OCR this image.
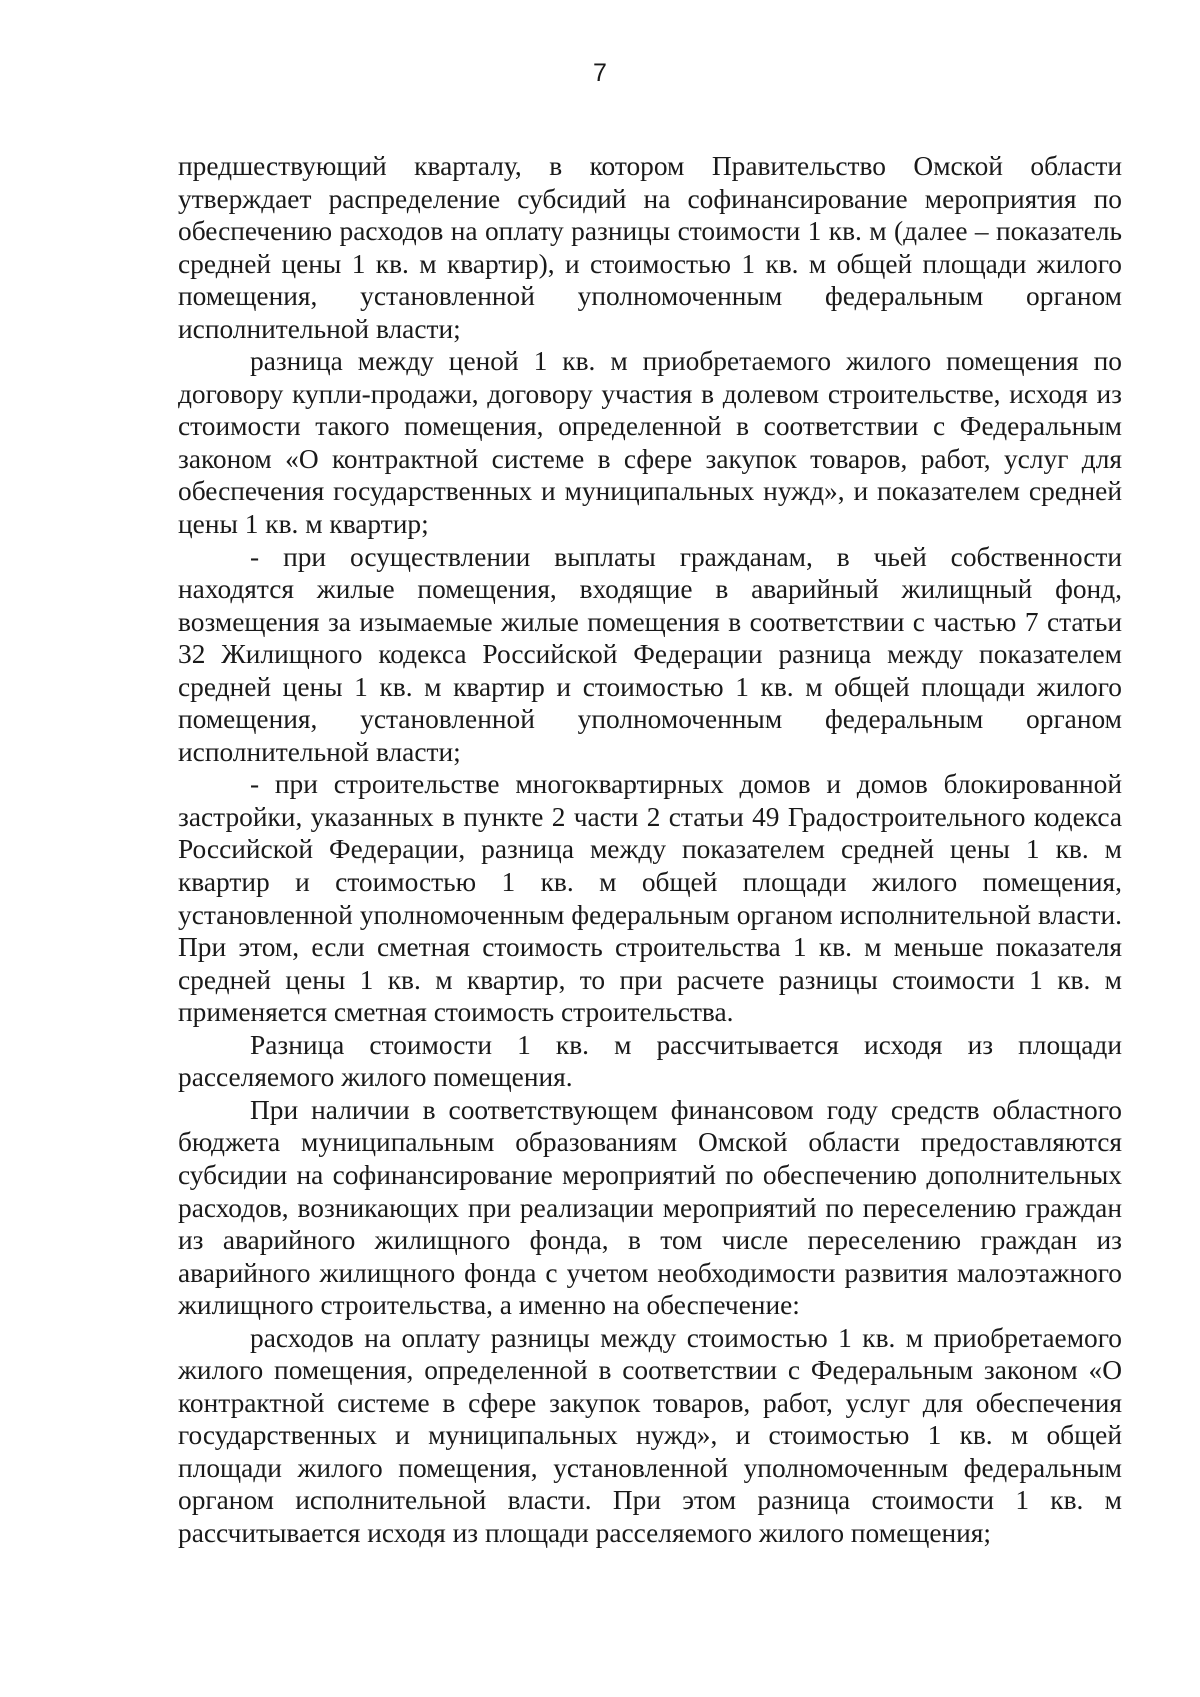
7

предшествующий кварталу, в котором Правительство Омской области утверждает распределение субсидий на софинансирование мероприятия по обеспечению расходов на оплату разницы стоимости 1 кв. м (далее – показатель средней цены 1 кв. м квартир), и стоимостью 1 кв. м общей площади жилого помещения, установленной уполномоченным федеральным органом исполнительной власти;

разница между ценой 1 кв. м приобретаемого жилого помещения по договору купли-продажи, договору участия в долевом строительстве, исходя из стоимости такого помещения, определенной в соответствии с Федеральным законом «О контрактной системе в сфере закупок товаров, работ, услуг для обеспечения государственных и муниципальных нужд», и показателем средней цены 1 кв. м квартир;

- при осуществлении выплаты гражданам, в чьей собственности находятся жилые помещения, входящие в аварийный жилищный фонд, возмещения за изымаемые жилые помещения в соответствии с частью 7 статьи 32 Жилищного кодекса Российской Федерации разница между показателем средней цены 1 кв. м квартир и стоимостью 1 кв. м общей площади жилого помещения, установленной уполномоченным федеральным органом исполнительной власти;

- при строительстве многоквартирных домов и домов блокированной застройки, указанных в пункте 2 части 2 статьи 49 Градостроительного кодекса Российской Федерации, разница между показателем средней цены 1 кв. м квартир и стоимостью 1 кв. м общей площади жилого помещения, установленной уполномоченным федеральным органом исполнительной власти. При этом, если сметная стоимость строительства 1 кв. м меньше показателя средней цены 1 кв. м квартир, то при расчете разницы стоимости 1 кв. м применяется сметная стоимость строительства.

Разница стоимости 1 кв. м рассчитывается исходя из площади расселяемого жилого помещения.

При наличии в соответствующем финансовом году средств областного бюджета муниципальным образованиям Омской области предоставляются субсидии на софинансирование мероприятий по обеспечению дополнительных расходов, возникающих при реализации мероприятий по переселению граждан из аварийного жилищного фонда, в том числе переселению граждан из аварийного жилищного фонда с учетом необходимости развития малоэтажного жилищного строительства, а именно на обеспечение:

расходов на оплату разницы между стоимостью 1 кв. м приобретаемого жилого помещения, определенной в соответствии с Федеральным законом «О контрактной системе в сфере закупок товаров, работ, услуг для обеспечения государственных и муниципальных нужд», и стоимостью 1 кв. м общей площади жилого помещения, установленной уполномоченным федеральным органом исполнительной власти. При этом разница стоимости 1 кв. м рассчитывается исходя из площади расселяемого жилого помещения;
